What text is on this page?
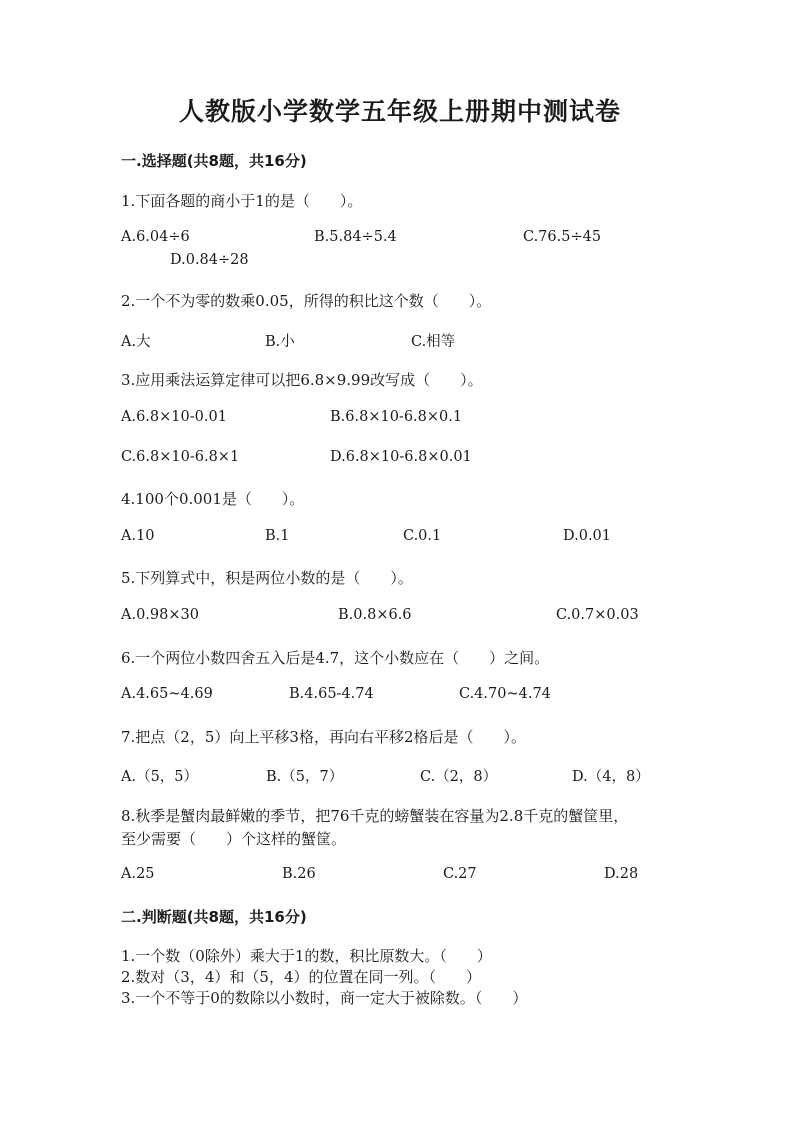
人教版小学数学五年级上册期中测试卷
一.选择题(共8题，共16分)
1.下面各题的商小于1的是（　　）。
A.6.04÷6	B.5.84÷5.4	C.76.5÷45
D.0.84÷28
2.一个不为零的数乘0.05，所得的积比这个数（　　）。
A.大	B.小	C.相等
3.应用乘法运算定律可以把6.8×9.99改写成（　　）。
A.6.8×10-0.01	B.6.8×10-6.8×0.1
C.6.8×10-6.8×1	D.6.8×10-6.8×0.01
4.100个0.001是（　　）。
A.10	B.1	C.0.1	D.0.01
5.下列算式中，积是两位小数的是（　　）。
A.0.98×30	B.0.8×6.6	C.0.7×0.03
6.一个两位小数四舍五入后是4.7，这个小数应在（　　）之间。
A.4.65~4.69	B.4.65-4.74	C.4.70~4.74
7.把点（2，5）向上平移3格，再向右平移2格后是（　　）。
A.（5，5）	B.（5，7）	C.（2，8）	D.（4，8）
8.秋季是蟹肉最鲜嫩的季节，把76千克的螃蟹装在容量为2.8千克的蟹筐里，
至少需要（　　）个这样的蟹筐。
A.25	B.26	C.27	D.28
二.判断题(共8题，共16分)
1.一个数（0除外）乘大于1的数，积比原数大。（　　）
2.数对（3，4）和（5，4）的位置在同一列。（　　）
3.一个不等于0的数除以小数时，商一定大于被除数。（　　）
